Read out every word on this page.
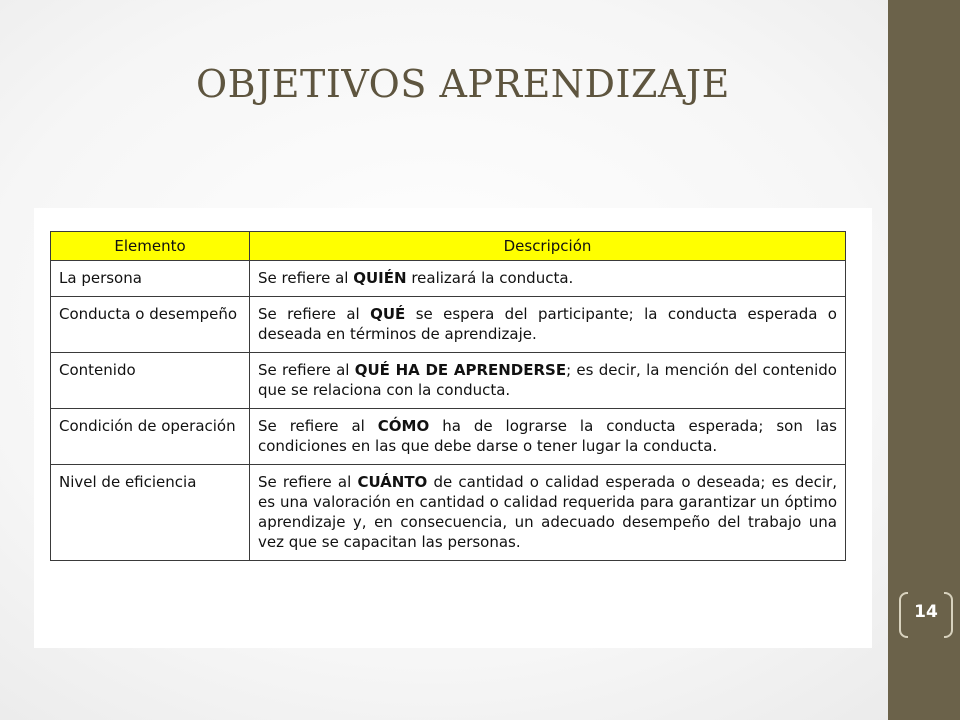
OBJETIVOS APRENDIZAJE
Elemento	Descripción
La persona	Se refiere al QUIÉN realizará la conducta.
Conducta o desempeño	Se refiere al QUÉ se espera del participante; la conducta esperada o deseada en términos de aprendizaje.
Contenido	Se refiere al QUÉ HA DE APRENDERSE; es decir, la mención del contenido que se relaciona con la conducta.
Condición de operación	Se refiere al CÓMO ha de lograrse la conducta esperada; son las condiciones en las que debe darse o tener lugar la conducta.
Nivel de eficiencia	Se refiere al CUÁNTO de cantidad o calidad esperada o deseada; es decir, es una valoración en cantidad o calidad requerida para garantizar un óptimo aprendizaje y, en consecuencia, un adecuado desempeño del trabajo una vez que se capacitan las personas.
14
